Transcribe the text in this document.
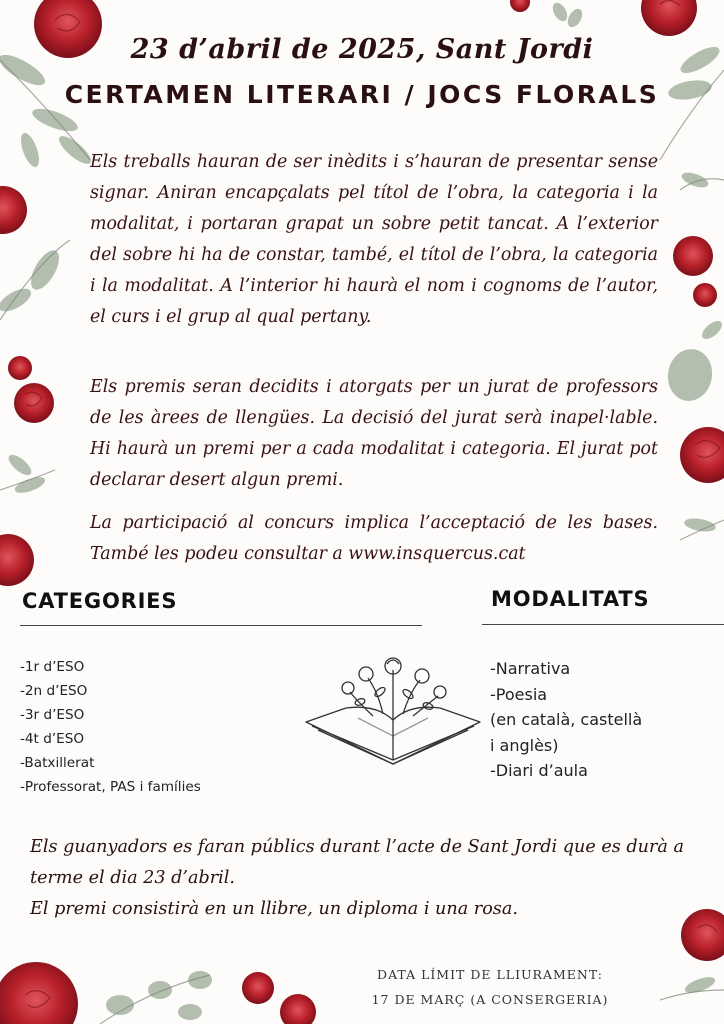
23 d’abril de 2025, Sant Jordi
CERTAMEN LITERARI / JOCS FLORALS

Els treballs hauran de ser inèdits i s’hauran de presentar sense signar. Aniran encapçalats pel títol de l’obra, la categoria i la modalitat, i portaran grapat un sobre petit tancat. A l’exterior del sobre hi ha de constar, també, el títol de l’obra, la categoria i la modalitat. A l’interior hi haurà el nom i cognoms de l’autor, el curs i el grup al qual pertany.

Els premis seran decidits i atorgats per un jurat de professors de les àrees de llengües. La decisió del jurat serà inapel·lable. Hi haurà un premi per a cada modalitat i categoria. El jurat pot declarar desert algun premi.

La participació al concurs implica l’acceptació de les bases. També les podeu consultar a www.insquercus.cat

CATEGORIES
-1r d’ESO
-2n d’ESO
-3r d’ESO
-4t d’ESO
-Batxillerat
-Professorat, PAS i famílies
MODALITATS
-Narrativa
-Poesia
(en català, castellà
i anglès)
-Diari d’aula

Els guanyadors es faran públics durant l’acte de Sant Jordi que es durà a terme el dia 23 d’abril.

El premi consistirà en un llibre, un diploma i una rosa.

DATA LÍMIT DE LLIURAMENT:
17 DE MARÇ (A CONSERGERIA)
